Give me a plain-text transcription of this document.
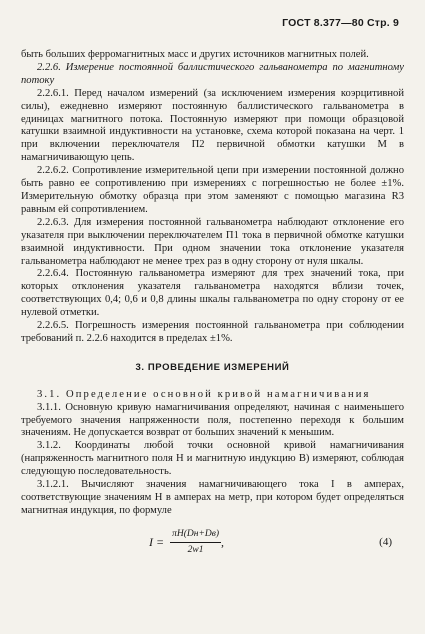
ГОСТ 8.377—80 Стр. 9

быть больших ферромагнитных масс и других источников магнитных полей.

2.2.6. Измерение постоянной баллистического гальванометра по магнитному потоку

2.2.6.1. Перед началом измерений (за исключением измерения коэрцитивной силы), ежедневно измеряют постоянную баллистического гальванометра в единицах магнитного потока. Постоянную измеряют при помощи образцовой катушки взаимной индуктивности на установке, схема которой показана на черт. 1 при включении переключателя П2 первичной обмотки катушки М в намагничивающую цепь.

2.2.6.2. Сопротивление измерительной цепи при измерении постоянной должно быть равно ее сопротивлению при измерениях с погрешностью не более ±1%. Измерительную обмотку образца при этом заменяют с помощью магазина R3 равным ей сопротивлением.

2.2.6.3. Для измерения постоянной гальванометра наблюдают отклонение его указателя при выключении переключателем П1 тока в первичной обмотке катушки взаимной индуктивности. При одном значении тока отклонение указателя гальванометра наблюдают не менее трех раз в одну сторону от нуля шкалы.

2.2.6.4. Постоянную гальванометра измеряют для трех значений тока, при которых отклонения указателя гальванометра находятся вблизи точек, соответствующих 0,4; 0,6 и 0,8 длины шкалы гальванометра по одну сторону от ее нулевой отметки.

2.2.6.5. Погрешность измерения постоянной гальванометра при соблюдении требований п. 2.2.6 находится в пределах ±1%.

3. ПРОВЕДЕНИЕ ИЗМЕРЕНИЙ

3.1. Определение основной кривой намагничивания

3.1.1. Основную кривую намагничивания определяют, начиная с наименьшего требуемого значения напряженности поля, постепенно переходя к большим значениям. Не допускается возврат от больших значений к меньшим.

3.1.2. Координаты любой точки основной кривой намагничивания (напряженность магнитного поля Н и магнитную индукцию В) измеряют, соблюдая следующую последовательность.

3.1.2.1. Вычисляют значения намагничивающего тока I в амперах, соответствующие значениям Н в амперах на метр, при котором будет определяться магнитная индукция, по формуле

$I = \frac{\pi H(Dн+Dв)}{2w1}$ ,	(4)
